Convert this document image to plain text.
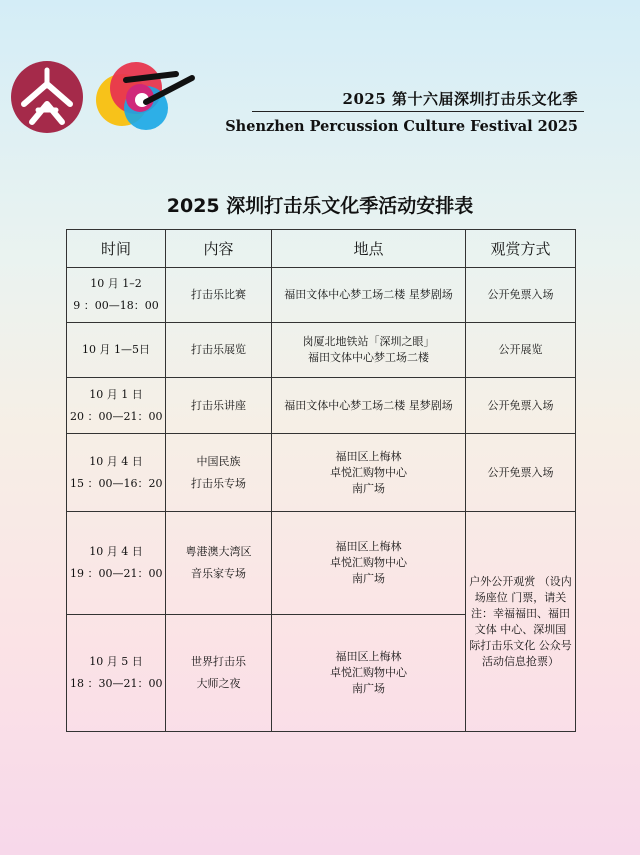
2025 第十六届深圳打击乐文化季
Shenzhen Percussion Culture Festival 2025
2025 深圳打击乐文化季活动安排表
时间	内容	地点	观赏方式

10 月 1–2
9 ：00—18：00	打击乐比赛	福田文体中心梦工场二楼 星梦剧场	公开免票入场

10 月 1—5日	打击乐展览	岗厦北地铁站「深圳之眼」
福田文体中心梦工场二楼	公开展览

10 月 1 日
20 ：00—21：00	打击乐讲座	福田文体中心梦工场二楼 星梦剧场	公开免票入场

10 月 4 日
15 ：00—16：20	中国民族
打击乐专场	福田区上梅林
卓悦汇购物中心
南广场	公开免票入场

10 月 4 日
19 ：00—21：00	粤港澳大湾区
音乐家专场	福田区上梅林
卓悦汇购物中心
南广场	户外公开观赏 （设内场座位 门票，请关注：幸福福田、福田文体 中心、深圳国 际打击乐文化 公众号活动信息抢票）

10 月 5 日
18 ：30—21：00	世界打击乐
大师之夜	福田区上梅林
卓悦汇购物中心
南广场	
